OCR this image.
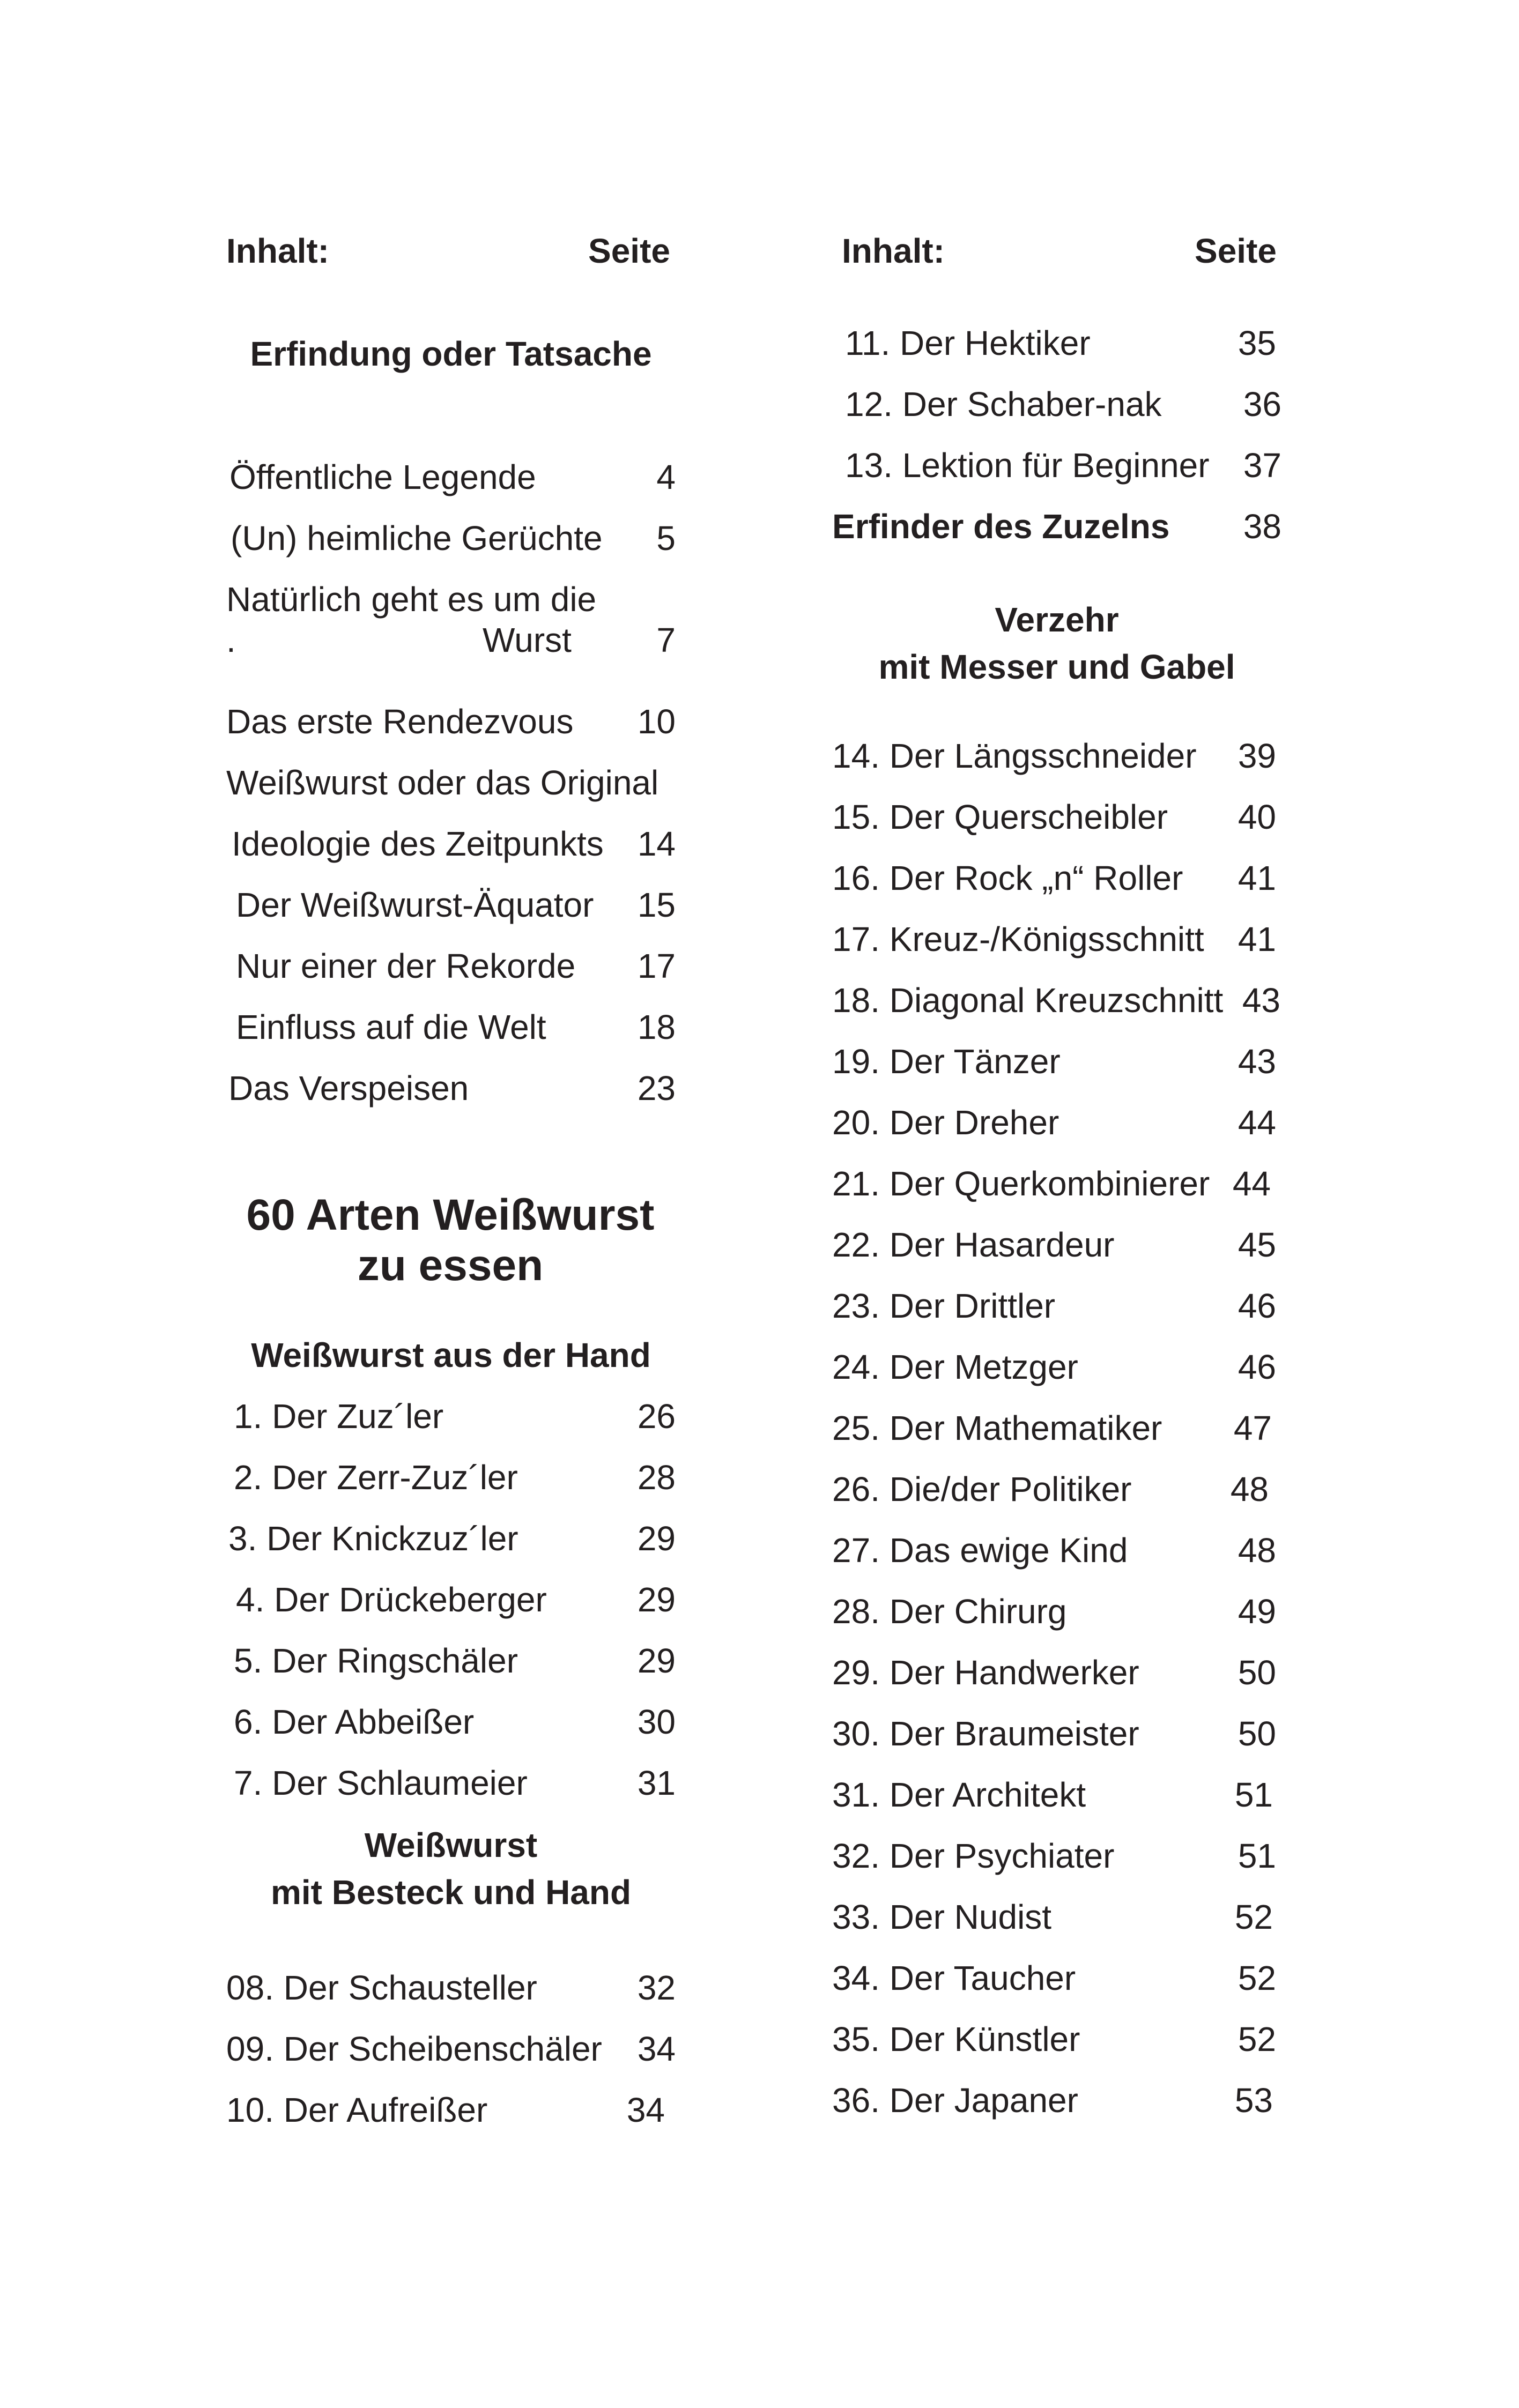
Inhalt:	Seite
Erfindung oder Tatsache
Öffentliche Legende	4
(Un) heimliche Gerüchte	5
Natürlich geht es um die
.	Wurst	7
Das erste Rendezvous	10
Weißwurst oder das Original
Ideologie des Zeitpunkts 14
Der Weißwurst-Äquator	15
Nur einer der Rekorde	17
Einfluss auf die Welt	18
Das Verspeisen	23
60 Arten Weißwurst
zu essen
Weißwurst aus der Hand
1. Der Zuz´ler	26
2. Der Zerr-Zuz´ler	28
3. Der Knickzuz´ler	29
4. Der Drückeberger	29
5. Der Ringschäler	29
6. Der Abbeißer	30
7. Der Schlaumeier	31
Weißwurst
mit Besteck und Hand
08. Der Schausteller	32
09. Der Scheibenschäler	34
10. Der Aufreißer	34
Inhalt:	Seite
11. Der Hektiker	35
12. Der Schaber-nak	36
13. Lektion für Beginner 37
Erfinder des Zuzelns	38
Verzehr
mit Messer und Gabel
14. Der Längsschneider	39
15. Der Querscheibler	40
16. Der Rock „n“ Roller	41
17. Kreuz-/Königsschnitt 41
18. Diagonal Kreuzschnitt 43
19. Der Tänzer	43
20. Der Dreher	44
21. Der Querkombinierer 44
22. Der Hasardeur	45
23. Der Drittler	46
24. Der Metzger	46
25. Der Mathematiker	47
26. Die/der Politiker	48
27. Das ewige Kind	48
28. Der Chirurg	49
29. Der Handwerker	50
30. Der Braumeister	50
31. Der Architekt	51
32. Der Psychiater	51
33. Der Nudist	52
34. Der Taucher	52
35. Der Künstler	52
36. Der Japaner	53
